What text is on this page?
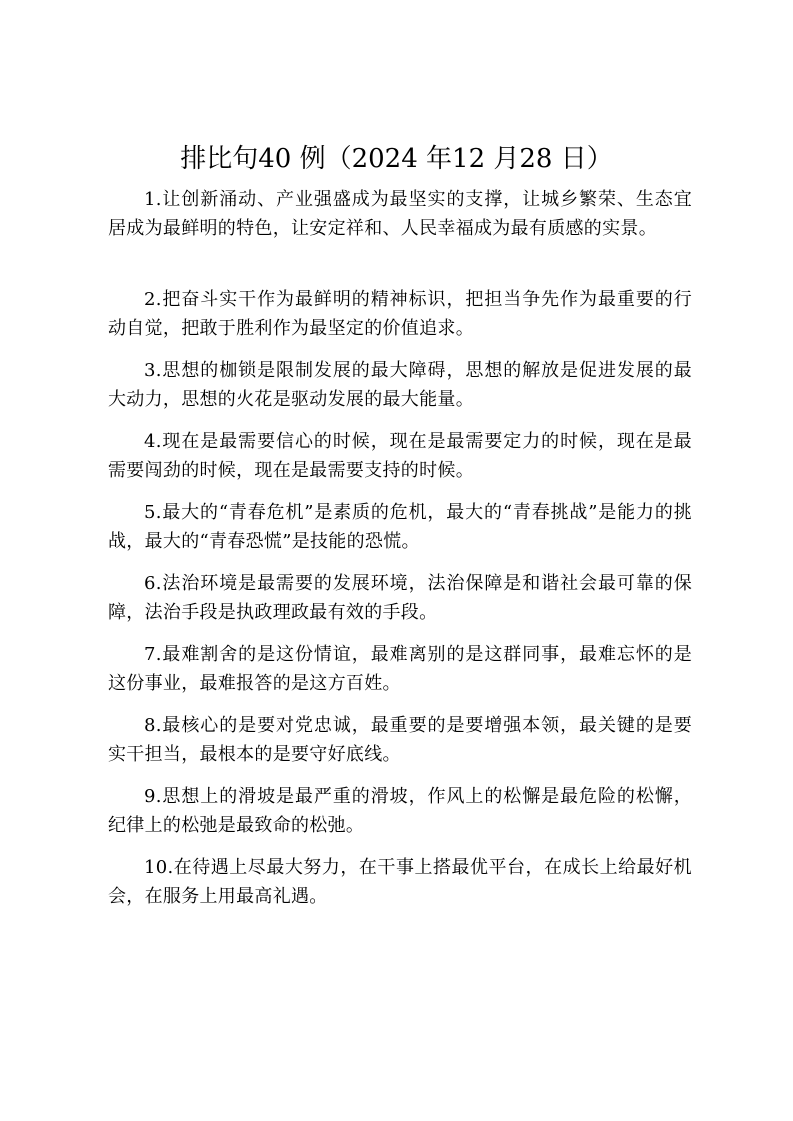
排比句40 例（2024 年12 月28 日）

1.让创新涌动、产业强盛成为最坚实的支撑，让城乡繁荣、生态宜居成为最鲜明的特色，让安定祥和、人民幸福成为最有质感的实景。

2.把奋斗实干作为最鲜明的精神标识，把担当争先作为最重要的行动自觉，把敢于胜利作为最坚定的价值追求。

3.思想的枷锁是限制发展的最大障碍，思想的解放是促进发展的最大动力，思想的火花是驱动发展的最大能量。

4.现在是最需要信心的时候，现在是最需要定力的时候，现在是最需要闯劲的时候，现在是最需要支持的时候。

5.最大的“青春危机”是素质的危机，最大的“青春挑战”是能力的挑战，最大的“青春恐慌”是技能的恐慌。

6.法治环境是最需要的发展环境，法治保障是和谐社会最可靠的保障，法治手段是执政理政最有效的手段。

7.最难割舍的是这份情谊，最难离别的是这群同事，最难忘怀的是这份事业，最难报答的是这方百姓。

8.最核心的是要对党忠诚，最重要的是要增强本领，最关键的是要实干担当，最根本的是要守好底线。

9.思想上的滑坡是最严重的滑坡，作风上的松懈是最危险的松懈，纪律上的松弛是最致命的松弛。

10.在待遇上尽最大努力，在干事上搭最优平台，在成长上给最好机会，在服务上用最高礼遇。
